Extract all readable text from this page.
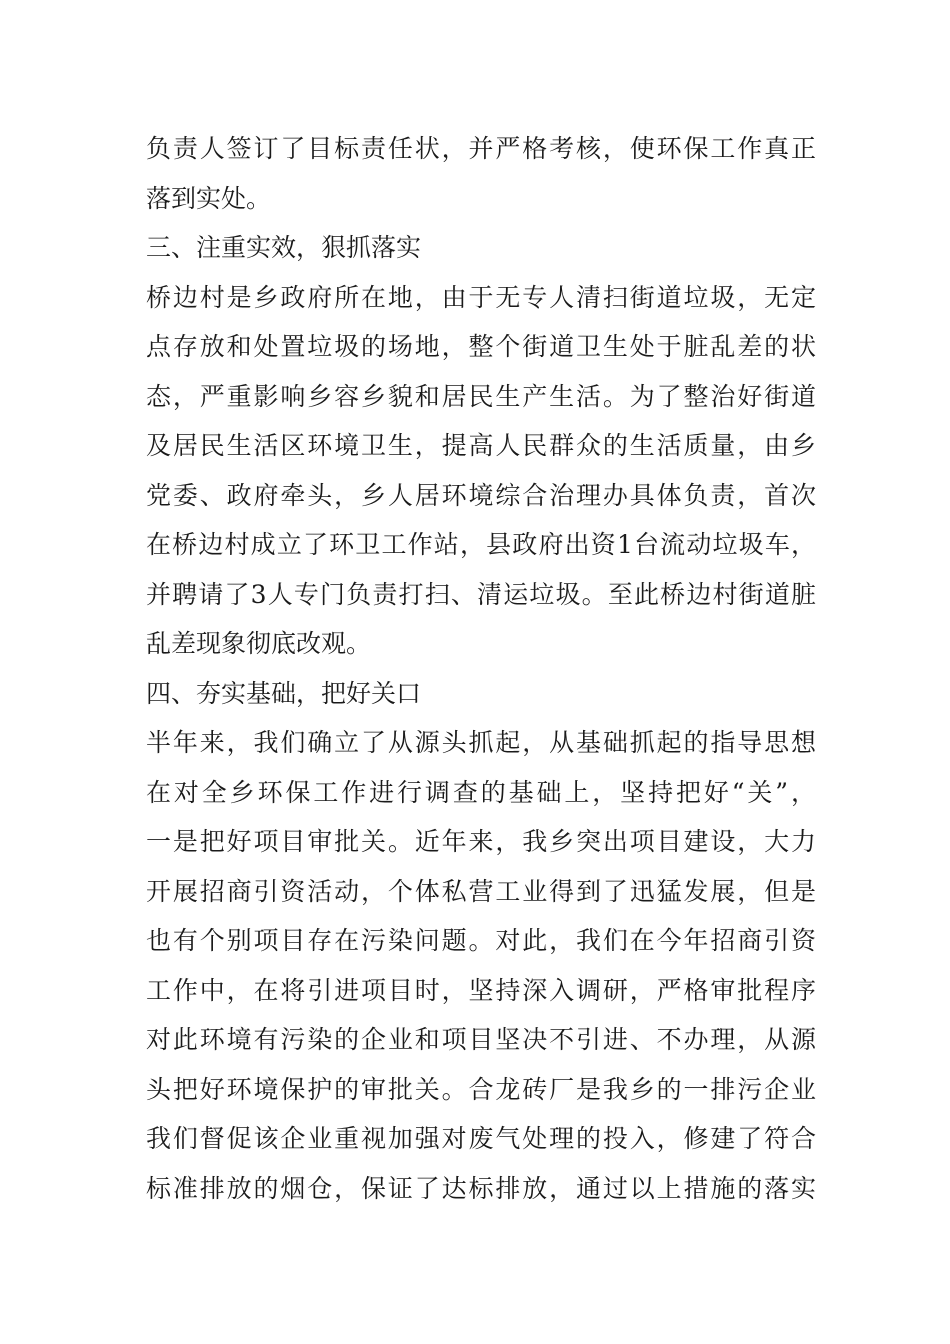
负责人签订了目标责任状，并严格考核，使环保工作真正
落到实处。
三、注重实效，狠抓落实
桥边村是乡政府所在地，由于无专人清扫街道垃圾，无定
点存放和处置垃圾的场地，整个街道卫生处于脏乱差的状
态，严重影响乡容乡貌和居民生产生活。为了整治好街道
及居民生活区环境卫生，提高人民群众的生活质量，由乡
党委、政府牵头，乡人居环境综合治理办具体负责，首次
在桥边村成立了环卫工作站，县政府出资1台流动垃圾车，
并聘请了3人专门负责打扫、清运垃圾。至此桥边村街道脏
乱差现象彻底改观。
四、夯实基础，把好关口
半年来，我们确立了从源头抓起，从基础抓起的指导思想
在对全乡环保工作进行调查的基础上，坚持把好“关”，
一是把好项目审批关。近年来，我乡突出项目建设，大力
开展招商引资活动，个体私营工业得到了迅猛发展，但是
也有个别项目存在污染问题。对此，我们在今年招商引资
工作中，在将引进项目时，坚持深入调研，严格审批程序
对此环境有污染的企业和项目坚决不引进、不办理，从源
头把好环境保护的审批关。合龙砖厂是我乡的一排污企业
我们督促该企业重视加强对废气处理的投入，修建了符合
标准排放的烟仓，保证了达标排放，通过以上措施的落实
